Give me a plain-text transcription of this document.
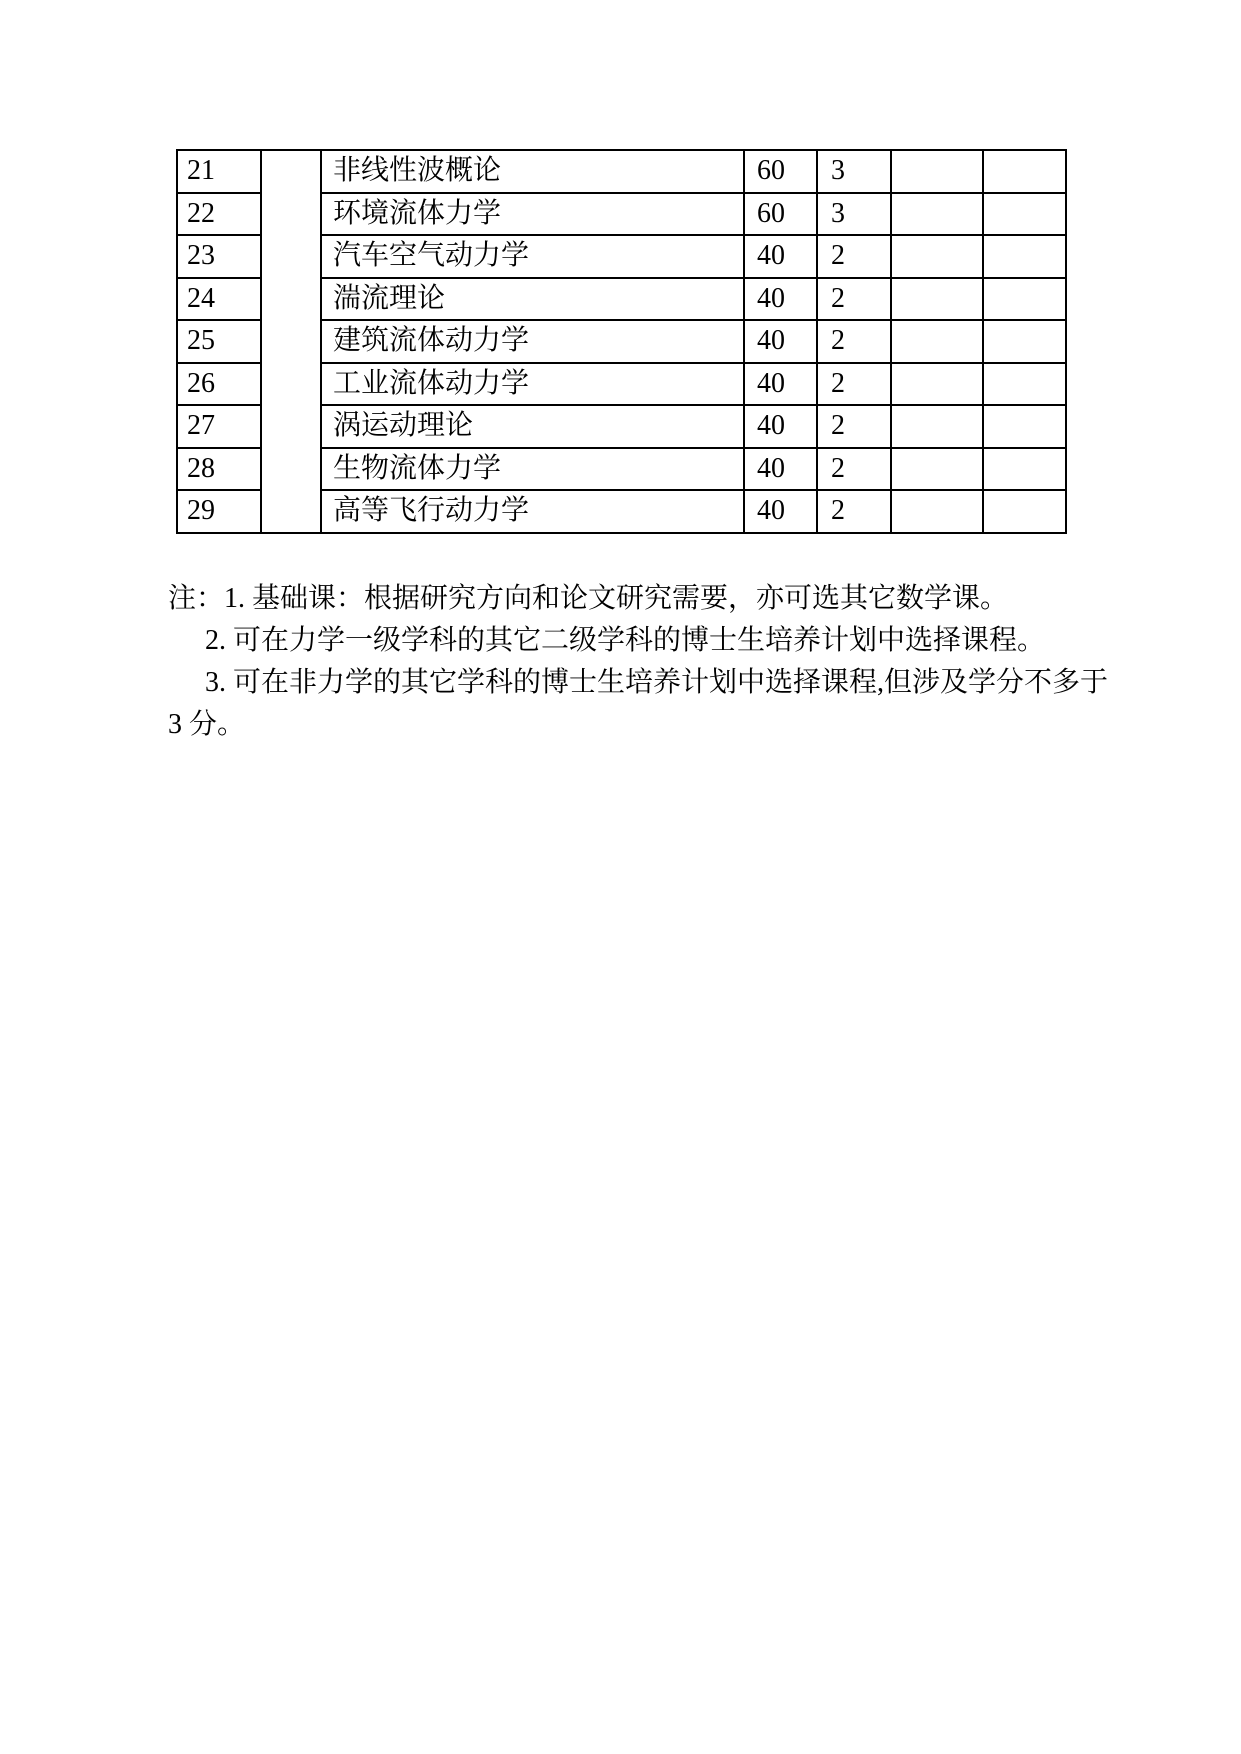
21		非线性波概论	60	3		
22		环境流体力学	60	3		
23		汽车空气动力学	40	2		
24		湍流理论	40	2		
25		建筑流体动力学	40	2		
26		工业流体动力学	40	2		
27		涡运动理论	40	2		
28		生物流体力学	40	2		
29		高等飞行动力学	40	2		
注：1. 基础课：根据研究方向和论文研究需要，亦可选其它数学课。
2. 可在力学一级学科的其它二级学科的博士生培养计划中选择课程。
3. 可在非力学的其它学科的博士生培养计划中选择课程,但涉及学分不多于
3 分。
